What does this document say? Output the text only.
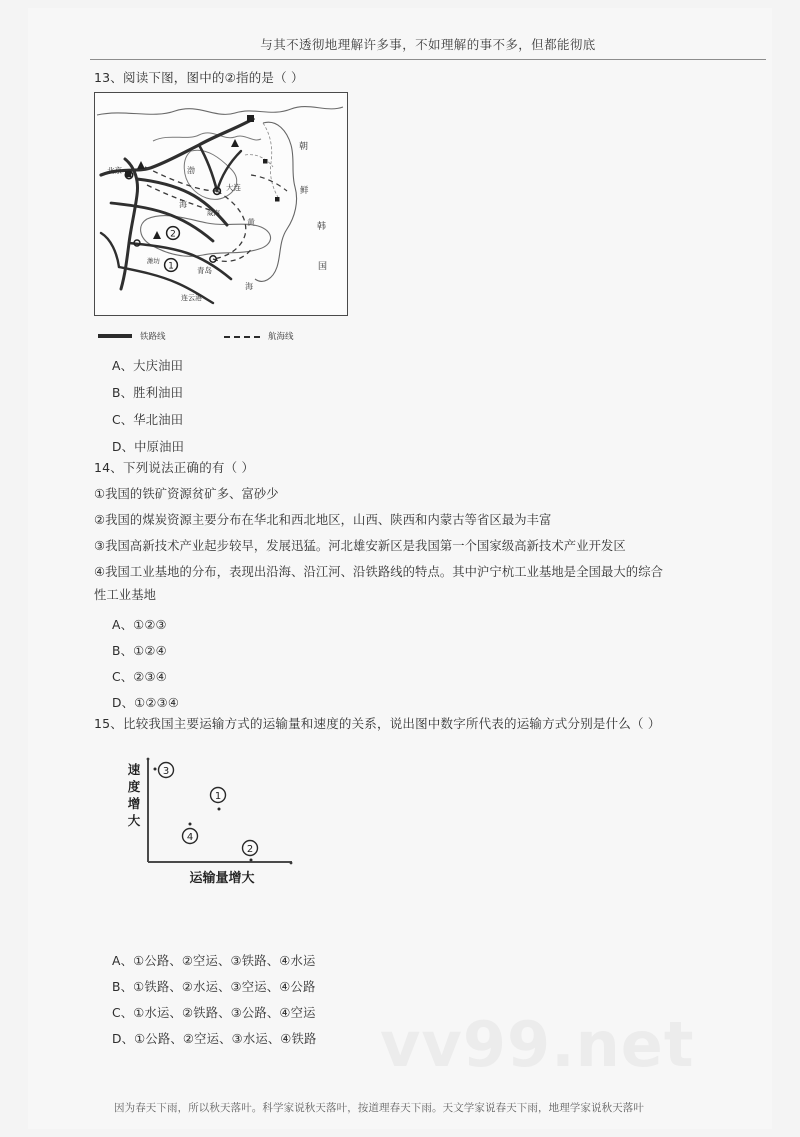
与其不透彻地理解许多事，不如理解的事不多，但都能彻底
13、阅读下图，图中的②指的是（ ）
北京
大连
青岛
渤
海
黄
海
朝
鲜
韩
国
连云港
威海
潍坊
2
1
铁路线	航海线
A、大庆油田
B、胜利油田
C、华北油田
D、中原油田
14、下列说法正确的有（ ）
①我国的铁矿资源贫矿多、富砂少
②我国的煤炭资源主要分布在华北和西北地区，山西、陕西和内蒙古等省区最为丰富
③我国高新技术产业起步较早，发展迅猛。河北雄安新区是我国第一个国家级高新技术产业开发区
④我国工业基地的分布，表现出沿海、沿江河、沿铁路线的特点。其中沪宁杭工业基地是全国最大的综合
性工业基地
A、①②③
B、①②④
C、②③④
D、①②③④
15、比较我国主要运输方式的运输量和速度的关系，说出图中数字所代表的运输方式分别是什么（ ）
速
度
增
大
运输量增大
3
1
4
2
A、①公路、②空运、③铁路、④水运
B、①铁路、②水运、③空运、④公路
C、①水运、②铁路、③公路、④空运
D、①公路、②空运、③水运、④铁路 vv99.net
因为春天下雨，所以秋天落叶。科学家说秋天落叶，按道理春天下雨。天文学家说春天下雨，地理学家说秋天落叶
